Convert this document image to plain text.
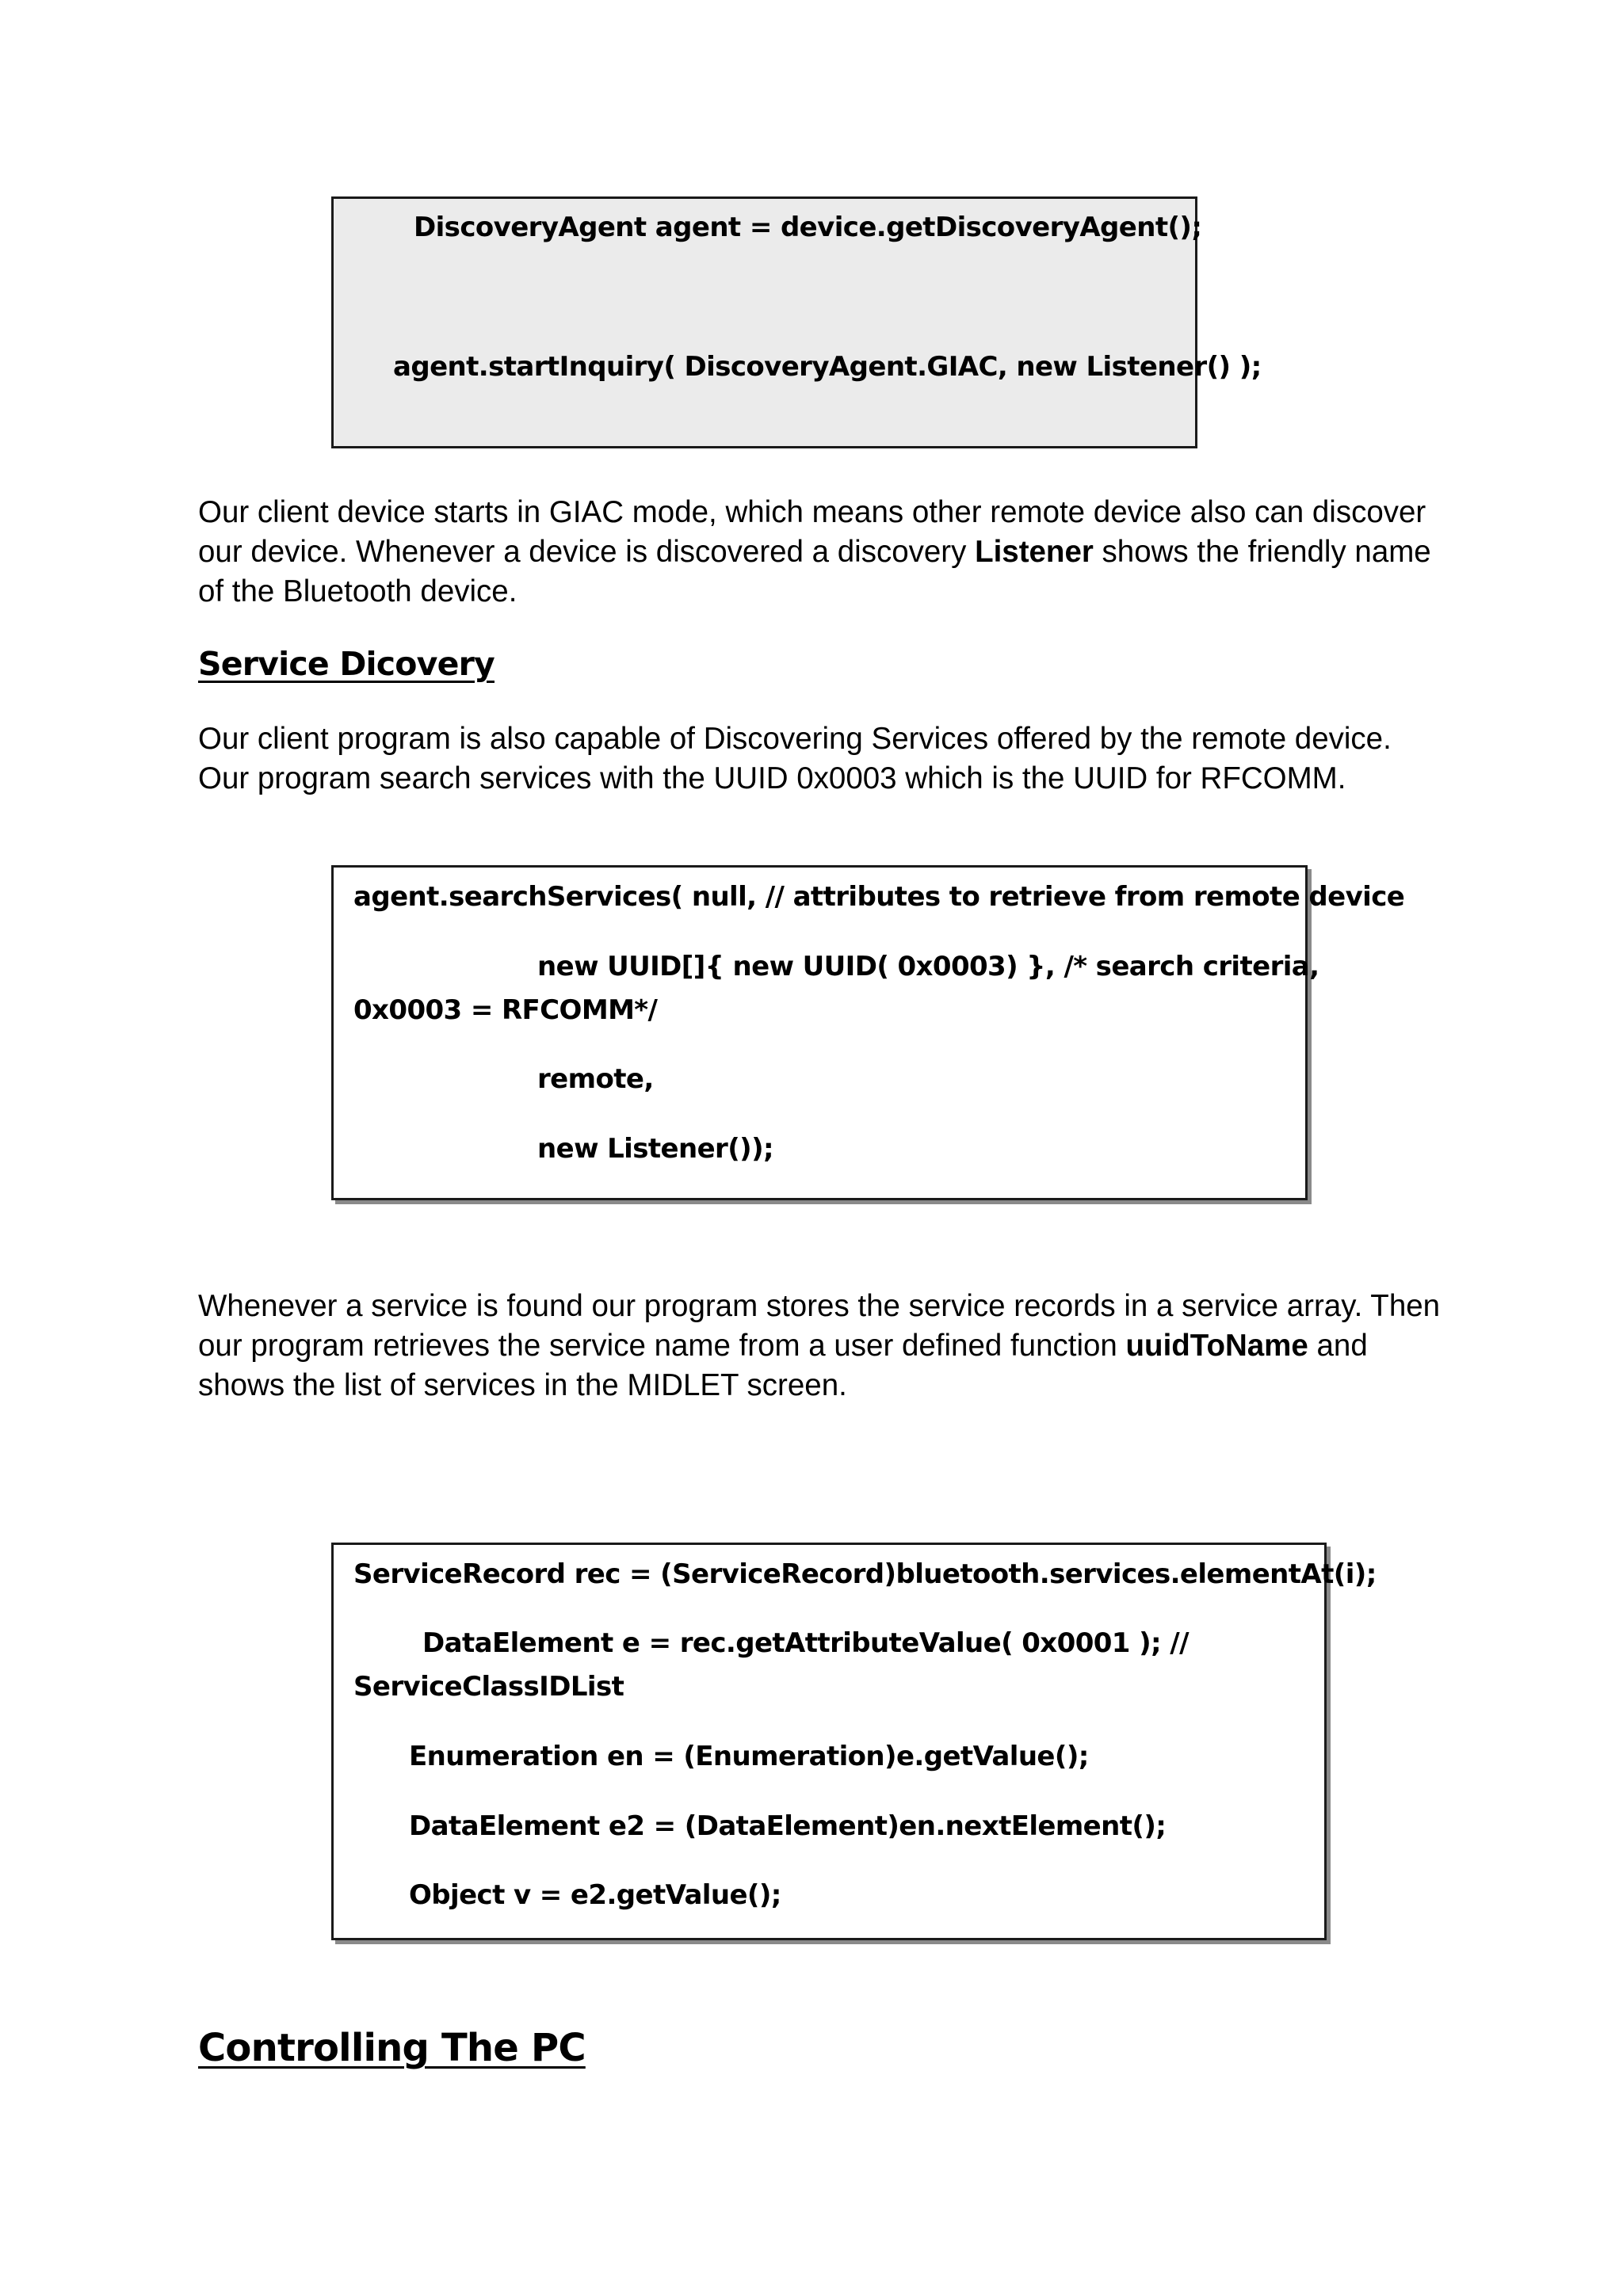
DiscoveryAgent agent = device.getDiscoveryAgent();
agent.startInquiry( DiscoveryAgent.GIAC, new Listener() );
Our client device starts in GIAC mode, which means other remote device also can discover
our device. Whenever a device is discovered a discovery Listener shows the friendly name
of the Bluetooth device.
Service Dicovery
Our client program is also capable of Discovering Services offered by the remote device.
Our program search services with the UUID 0x0003 which is the UUID for RFCOMM.
agent.searchServices( null, // attributes to retrieve from remote device
new UUID[]{ new UUID( 0x0003) }, /* search criteria,
0x0003 = RFCOMM*/
remote,
new Listener());
Whenever a service is found our program stores the service records in a service array. Then
our program retrieves the service name from a user defined function uuidToName and
shows the list of services in the MIDLET screen.
ServiceRecord rec = (ServiceRecord)bluetooth.services.elementAt(i);
DataElement e = rec.getAttributeValue( 0x0001 ); //
ServiceClassIDList
Enumeration en = (Enumeration)e.getValue();
DataElement e2 = (DataElement)en.nextElement();
Object v = e2.getValue();
Controlling The PC
